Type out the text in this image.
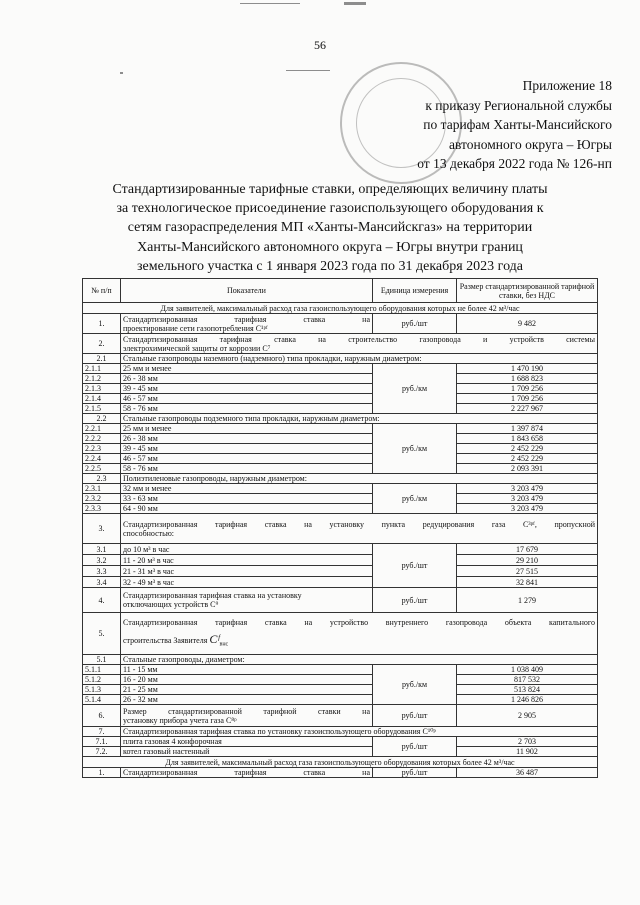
56
Приложение 18
к приказу Региональной службы
по тарифам Ханты-Мансийского
автономного округа – Югры
от 13 декабря 2022 года № 126-нп
Стандартизированные тарифные ставки, определяющих величину платы
за технологическое присоединение газоиспользующего оборудования к
сетям газораспределения МП «Ханты-Мансийскгаз» на территории
Ханты-Мансийского автономного округа – Югры внутри границ
земельного участка с 1 января 2023 года по 31 декабря 2023 года
№ п/п	Показатели	Единица измерения	Размер стандартизированной тарифной ставки, без НДС
Для заявителей, максимальный расход газа газоиспользующего оборудования которых не более 42 м³/час			
1.	Стандартизированная тарифная ставка на
проектирование сети газопотребления С¹ᵖᶠ	руб./шт	9 482
2.	Стандартизированная тарифная ставка на строительство газопровода и устройств системы
электрохимической защиты от коррозии С⁷		

2.1	Стальные газопроводы наземного (надземного) типа прокладки, наружным диаметром:		
2.1.1	25 мм и менее	руб./км	1 470 190
2.1.2	26 - 38 мм		1 688 823
2.1.3	39 - 45 мм		1 709 256
2.1.4	46 - 57 мм		1 709 256
2.1.5	58 - 76 мм		2 227 967
2.2	Стальные газопроводы подземного типа прокладки, наружным диаметром:		
2.2.1	25 мм и менее	руб./км	1 397 874
2.2.2	26 - 38 мм		1 843 658
2.2.3	39 - 45 мм		2 452 229
2.2.4	46 - 57 мм		2 452 229
2.2.5	58 - 76 мм		2 093 391
2.3	Полиэтиленовые газопроводы, наружным диаметром:		
2.3.1	32 мм и менее	руб./км	3 203 479
2.3.2	33 - 63 мм		3 203 479
2.3.3	64 - 90 мм		3 203 479
3.	Стандартизированная тарифная ставка на установку пункта редуцирования газа С³ᵖᶠ, пропускной
способностью:		

3.1	до 10 м³ в час	руб./шт	17 679
3.2	11 - 20 м³ в час		29 210
3.3	21 - 31 м³ в час		27 515
3.4	32 - 49 м³ в час		32 841
4.	Стандартизированная тарифная ставка на установку
отключающих устройств С⁹	руб./шт	1 279
5.	Стандартизированная тарифная ставка на устройство внутреннего газопровода объекта капитального
строительства Заявителя Cᶠ$_{внс}$

5.1	Стальные газопроводы, диаметром:		
5.1.1	11 - 15 мм	руб./км	1 038 409
5.1.2	16 - 20 мм		817 532
5.1.3	21 - 25 мм		513 824
5.1.4	26 - 32 мм		1 246 826
6.	Размер стандартизированной тарифной ставки на
установку прибора учета газа С⁸ᵖ	руб./шт	2 905
7.	Стандартизированная тарифная ставка по установку газоиспользующего оборудования С¹⁰ᵖ		
7.1.	плита газовая 4 конфорочная	руб./шт	2 703
7.2.	котел газовый настенный		11 902
Для заявителей, максимальный расход газа газоиспользующего оборудования которых более 42 м³/час			
1.	Стандартизированная тарифная ставка на	руб./шт	36 487
